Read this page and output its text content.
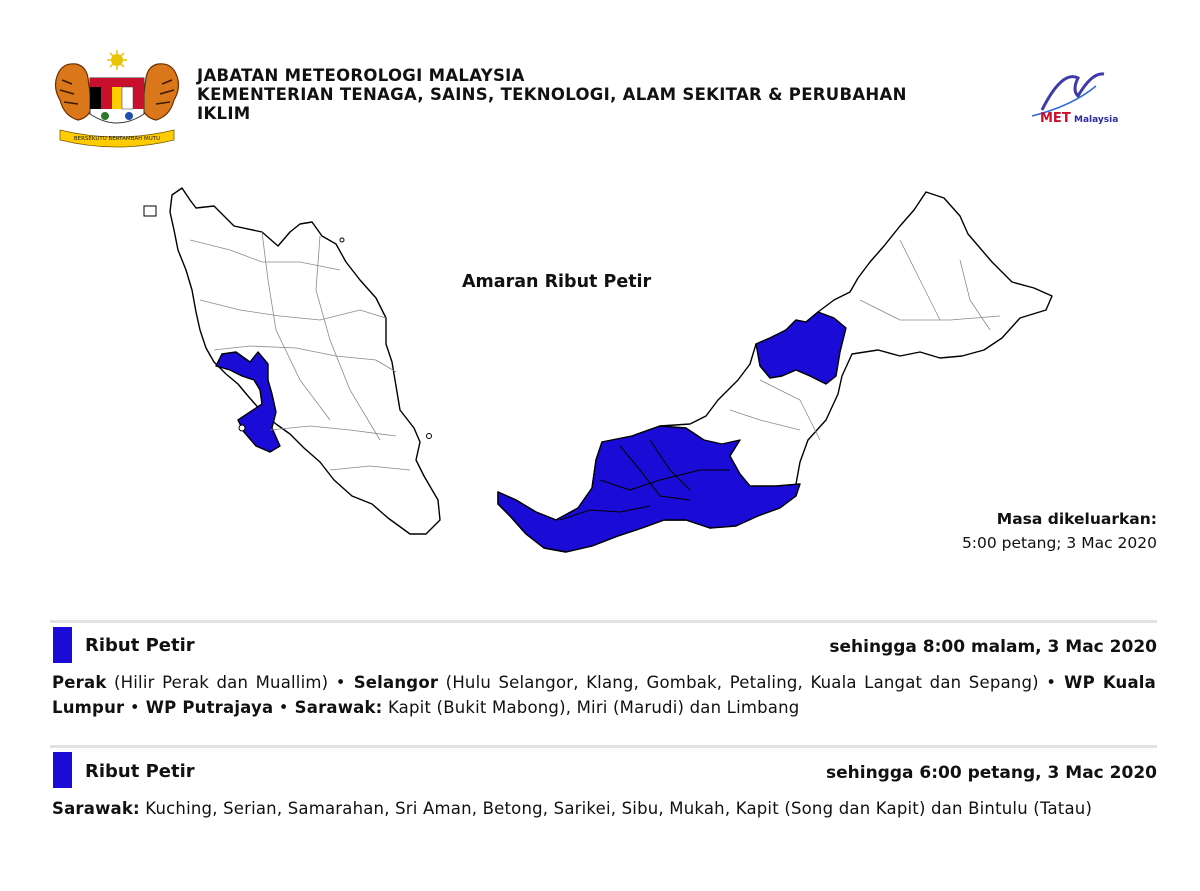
BERSEKUTU BERTAMBAH MUTU
JABATAN METEOROLOGI MALAYSIA
KEMENTERIAN TENAGA, SAINS, TEKNOLOGI, ALAM SEKITAR & PERUBAHAN
IKLIM	MET Malaysia
Amaran Ribut Petir
Masa dikeluarkan:
5:00 petang; 3 Mac 2020
Ribut Petir	sehingga 8:00 malam, 3 Mac 2020
Perak (Hilir Perak dan Muallim) • Selangor (Hulu Selangor, Klang, Gombak, Petaling, Kuala Langat dan Sepang) • WP Kuala Lumpur • WP Putrajaya • Sarawak: Kapit (Bukit Mabong), Miri (Marudi) dan Limbang
Ribut Petir	sehingga 6:00 petang, 3 Mac 2020
Sarawak: Kuching, Serian, Samarahan, Sri Aman, Betong, Sarikei, Sibu, Mukah, Kapit (Song dan Kapit) dan Bintulu (Tatau)
